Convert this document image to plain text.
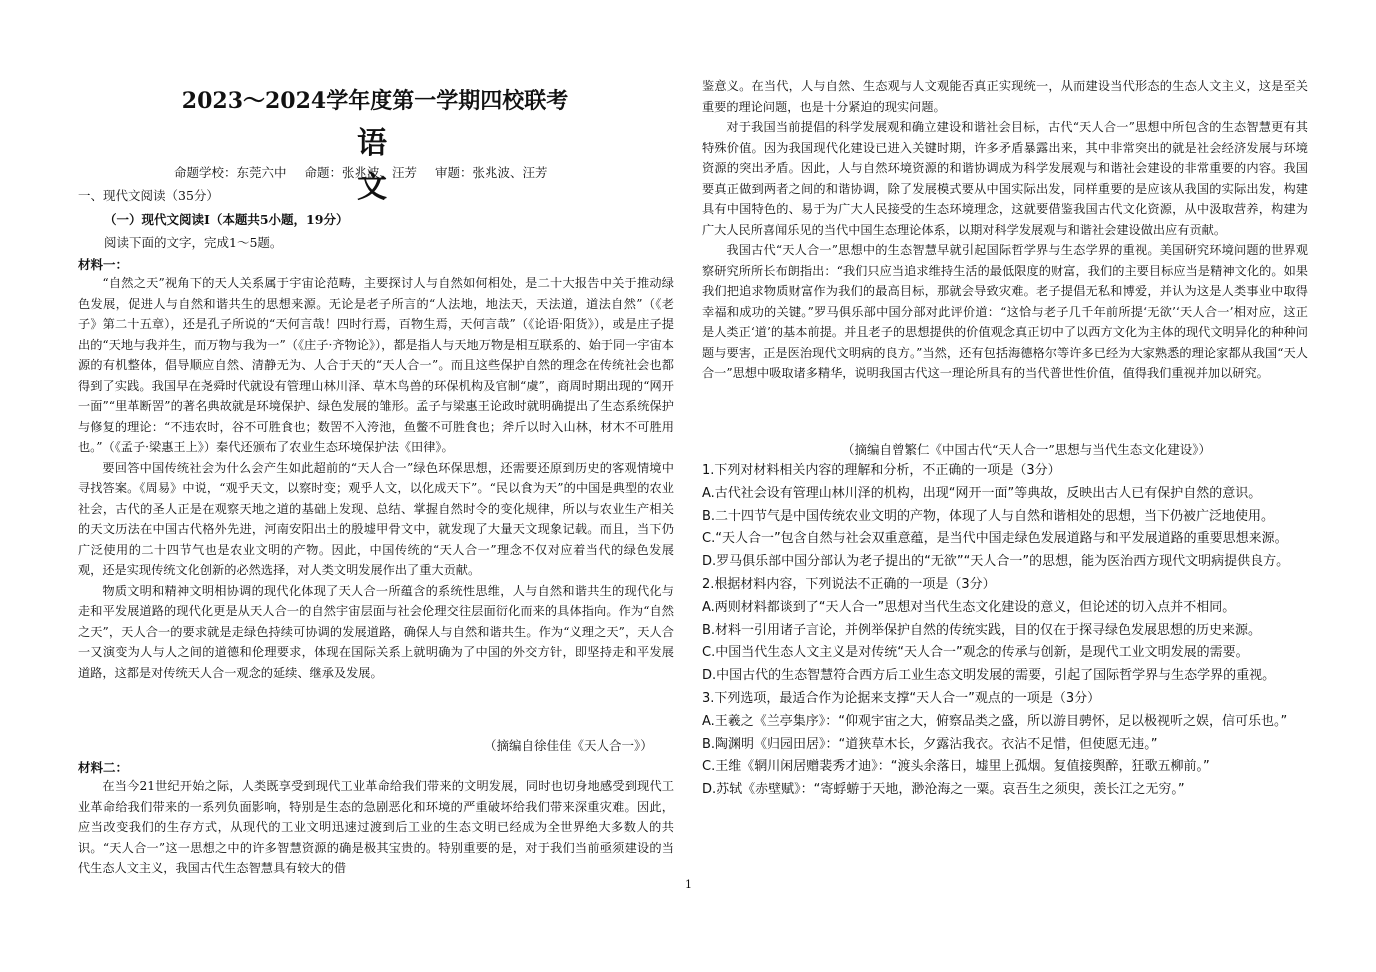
2023～2024学年度第一学期四校联考
语 文
命题学校：东莞六中 命题：张兆波、汪芳 审题：张兆波、汪芳
一、现代文阅读（35分）
（一）现代文阅读Ⅰ（本题共5小题，19分）
阅读下面的文字，完成1～5题。
材料一：

“自然之天”视角下的天人关系属于宇宙论范畴，主要探讨人与自然如何相处，是二十大报告中关于推动绿色发展，促进人与自然和谐共生的思想来源。无论是老子所言的“人法地，地法天，天法道，道法自然”（《老子》第二十五章），还是孔子所说的“天何言哉！四时行焉，百物生焉，天何言哉”（《论语·阳货》），或是庄子提出的“天地与我并生，而万物与我为一”（《庄子·齐物论》），都是指人与天地万物是相互联系的、始于同一宇宙本源的有机整体，倡导顺应自然、清静无为、人合于天的“天人合一”。而且这些保护自然的理念在传统社会也都得到了实践。我国早在尧舜时代就设有管理山林川泽、草木鸟兽的环保机构及官制“虞”，商周时期出现的“网开一面”“里革断罟”的著名典故就是环境保护、绿色发展的雏形。孟子与梁惠王论政时就明确提出了生态系统保护与修复的理论：“不违农时，谷不可胜食也；数罟不入洿池，鱼鳖不可胜食也；斧斤以时入山林，材木不可胜用也。”（《孟子·梁惠王上》）秦代还颁布了农业生态环境保护法《田律》。

要回答中国传统社会为什么会产生如此超前的“天人合一”绿色环保思想，还需要还原到历史的客观情境中寻找答案。《周易》中说，“观乎天文，以察时变；观乎人文，以化成天下”。“民以食为天”的中国是典型的农业社会，古代的圣人正是在观察天地之道的基础上发现、总结、掌握自然时令的变化规律，所以与农业生产相关的天文历法在中国古代格外先进，河南安阳出土的殷墟甲骨文中，就发现了大量天文现象记载。而且，当下仍广泛使用的二十四节气也是农业文明的产物。因此，中国传统的“天人合一”理念不仅对应着当代的绿色发展观，还是实现传统文化创新的必然选择，对人类文明发展作出了重大贡献。

物质文明和精神文明相协调的现代化体现了天人合一所蕴含的系统性思维，人与自然和谐共生的现代化与走和平发展道路的现代化更是从天人合一的自然宇宙层面与社会伦理交往层面衍化而来的具体指向。作为“自然之天”，天人合一的要求就是走绿色持续可协调的发展道路，确保人与自然和谐共生。作为“义理之天”，天人合一又演变为人与人之间的道德和伦理要求，体现在国际关系上就明确为了中国的外交方针，即坚持走和平发展道路，这都是对传统天人合一观念的延续、继承及发展。

（摘编自徐佳佳《天人合一》）
材料二：

在当今21世纪开始之际，人类既享受到现代工业革命给我们带来的文明发展，同时也切身地感受到现代工业革命给我们带来的一系列负面影响，特别是生态的急剧恶化和环境的严重破坏给我们带来深重灾难。因此，应当改变我们的生存方式，从现代的工业文明迅速过渡到后工业的生态文明已经成为全世界绝大多数人的共识。“天人合一”这一思想之中的许多智慧资源的确是极其宝贵的。特别重要的是，对于我们当前亟须建设的当代生态人文主义，我国古代生态智慧具有较大的借

鉴意义。在当代，人与自然、生态观与人文观能否真正实现统一，从而建设当代形态的生态人文主义，这是至关重要的理论问题，也是十分紧迫的现实问题。

对于我国当前提倡的科学发展观和确立建设和谐社会目标，古代“天人合一”思想中所包含的生态智慧更有其特殊价值。因为我国现代化建设已进入关键时期，许多矛盾暴露出来，其中非常突出的就是社会经济发展与环境资源的突出矛盾。因此，人与自然环境资源的和谐协调成为科学发展观与和谐社会建设的非常重要的内容。我国要真正做到两者之间的和谐协调，除了发展模式要从中国实际出发，同样重要的是应该从我国的实际出发，构建具有中国特色的、易于为广大人民接受的生态环境理念，这就要借鉴我国古代文化资源，从中汲取营养，构建为广大人民所喜闻乐见的当代中国生态理论体系，以期对科学发展观与和谐社会建设做出应有贡献。

我国古代“天人合一”思想中的生态智慧早就引起国际哲学界与生态学界的重视。美国研究环境问题的世界观察研究所所长布朗指出：“我们只应当追求维持生活的最低限度的财富，我们的主要目标应当是精神文化的。如果我们把追求物质财富作为我们的最高目标，那就会导致灾难。老子提倡无私和博爱，并认为这是人类事业中取得幸福和成功的关键。”罗马俱乐部中国分部对此评价道：“这恰与老子几千年前所提‘无欲’‘天人合一’相对应，这正是人类正‘道’的基本前提。并且老子的思想提供的价值观念真正切中了以西方文化为主体的现代文明异化的种种问题与要害，正是医治现代文明病的良方。”当然，还有包括海德格尔等许多已经为大家熟悉的理论家都从我国“天人合一”思想中吸取诸多精华，说明我国古代这一理论所具有的当代普世性价值，值得我们重视并加以研究。

（摘编自曾繁仁《中国古代“天人合一”思想与当代生态文化建设》）
1.下列对材料相关内容的理解和分析，不正确的一项是（3分）
A.古代社会设有管理山林川泽的机构，出现“网开一面”等典故，反映出古人已有保护自然的意识。
B.二十四节气是中国传统农业文明的产物，体现了人与自然和谐相处的思想，当下仍被广泛地使用。
C.“天人合一”包含自然与社会双重意蕴，是当代中国走绿色发展道路与和平发展道路的重要思想来源。
D.罗马俱乐部中国分部认为老子提出的“无欲”“天人合一”的思想，能为医治西方现代文明病提供良方。
2.根据材料内容，下列说法不正确的一项是（3分）
A.两则材料都谈到了“天人合一”思想对当代生态文化建设的意义，但论述的切入点并不相同。
B.材料一引用诸子言论，并例举保护自然的传统实践，目的仅在于探寻绿色发展思想的历史来源。
C.中国当代生态人文主义是对传统“天人合一”观念的传承与创新，是现代工业文明发展的需要。
D.中国古代的生态智慧符合西方后工业生态文明发展的需要，引起了国际哲学界与生态学界的重视。
3.下列选项，最适合作为论据来支撑“天人合一”观点的一项是（3分）
A.王羲之《兰亭集序》：“仰观宇宙之大，俯察品类之盛，所以游目骋怀，足以极视听之娱，信可乐也。”
B.陶渊明《归园田居》：“道狭草木长，夕露沾我衣。衣沾不足惜，但使愿无违。”
C.王维《辋川闲居赠裴秀才迪》：“渡头余落日，墟里上孤烟。复值接舆醉，狂歌五柳前。”
D.苏轼《赤壁赋》：“寄蜉蝣于天地，渺沧海之一粟。哀吾生之须臾，羡长江之无穷。”
1
